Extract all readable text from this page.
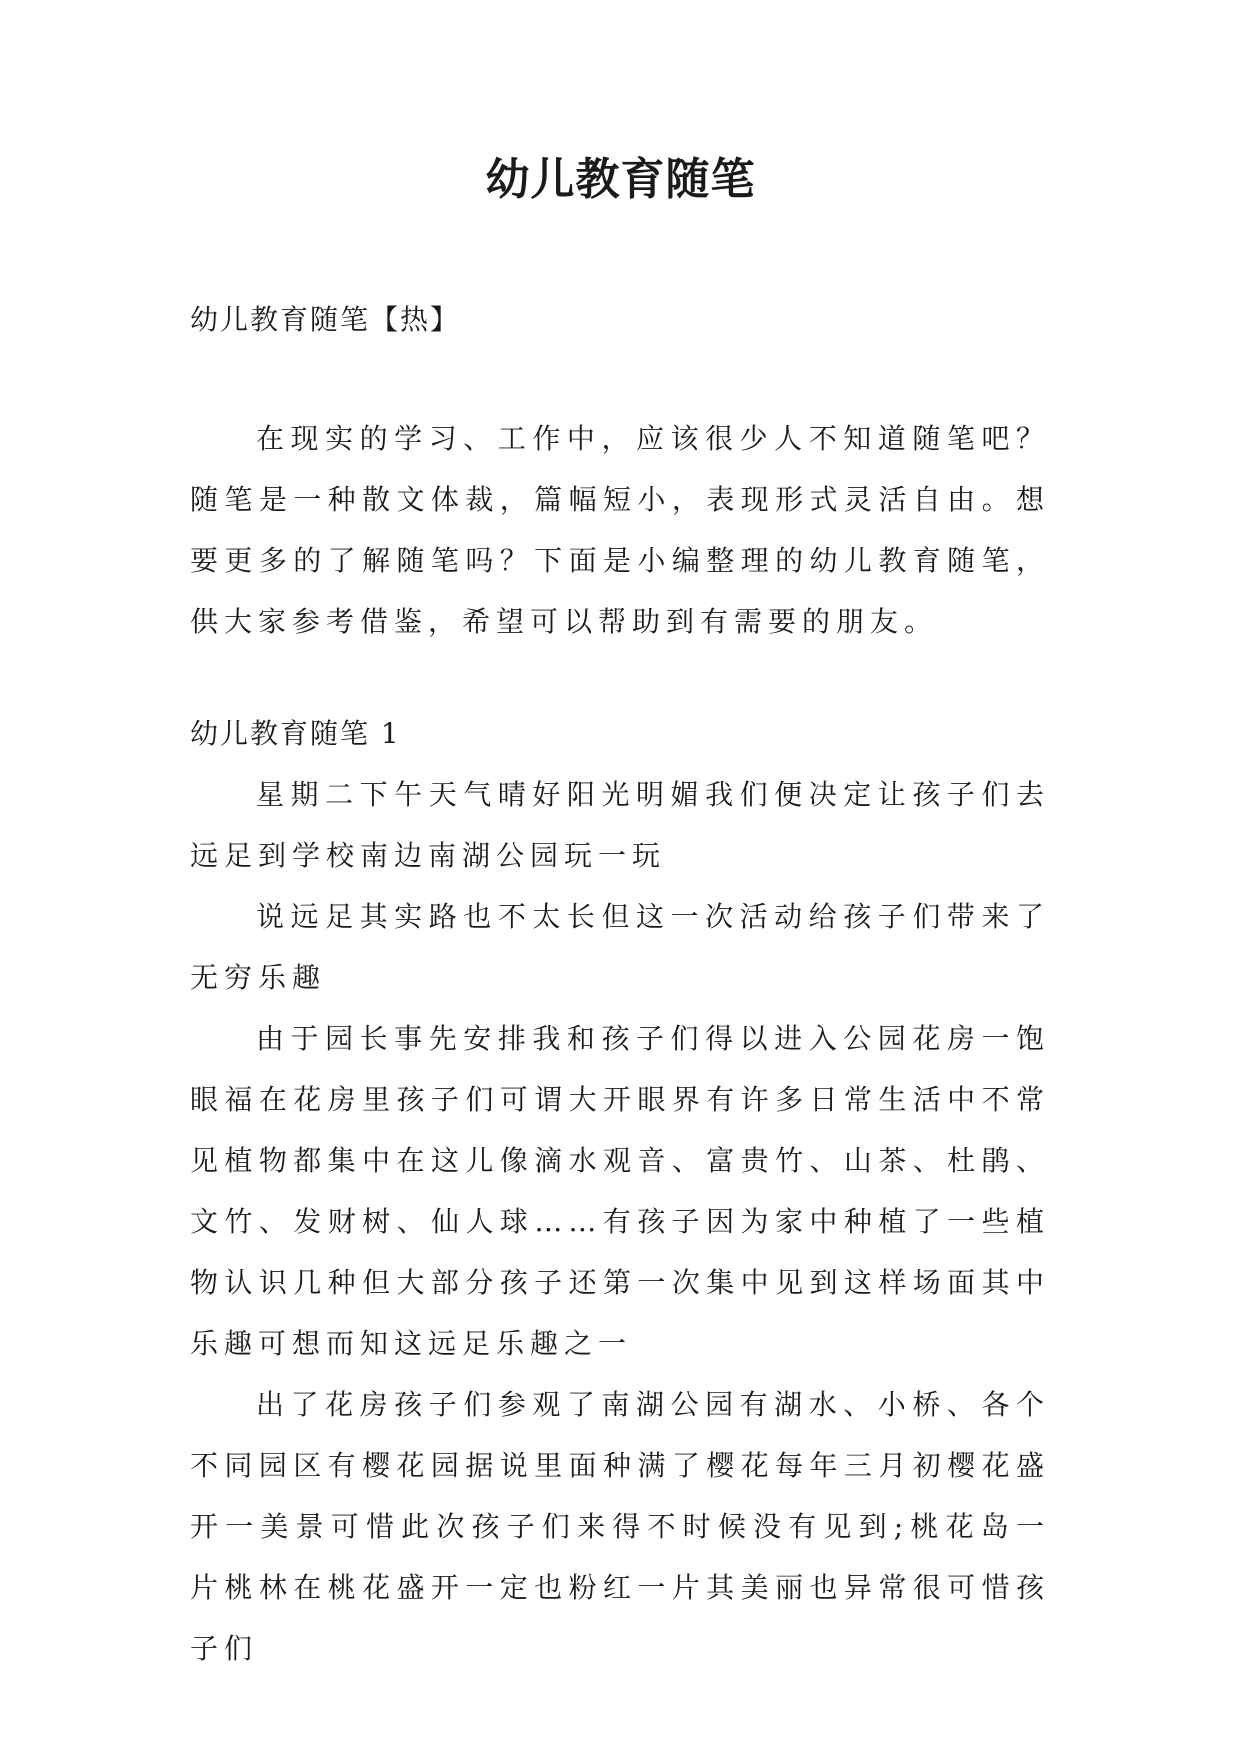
幼儿教育随笔

幼儿教育随笔【热】

在现实的学习、工作中，应该很少人不知道随笔吧？随笔是一种散文体裁，篇幅短小，表现形式灵活自由。想要更多的了解随笔吗？下面是小编整理的幼儿教育随笔，供大家参考借鉴，希望可以帮助到有需要的朋友。

幼儿教育随笔 1

星期二下午天气晴好阳光明媚我们便决定让孩子们去远足到学校南边南湖公园玩一玩

说远足其实路也不太长但这一次活动给孩子们带来了无穷乐趣

由于园长事先安排我和孩子们得以进入公园花房一饱眼福在花房里孩子们可谓大开眼界有许多日常生活中不常见植物都集中在这儿像滴水观音、富贵竹、山茶、杜鹃、文竹、发财树、仙人球……有孩子因为家中种植了一些植物认识几种但大部分孩子还第一次集中见到这样场面其中乐趣可想而知这远足乐趣之一

出了花房孩子们参观了南湖公园有湖水、小桥、各个不同园区有樱花园据说里面种满了樱花每年三月初樱花盛开一美景可惜此次孩子们来得不时候没有见到;桃花岛一片桃林在桃花盛开一定也粉红一片其美丽也异常很可惜孩子们
